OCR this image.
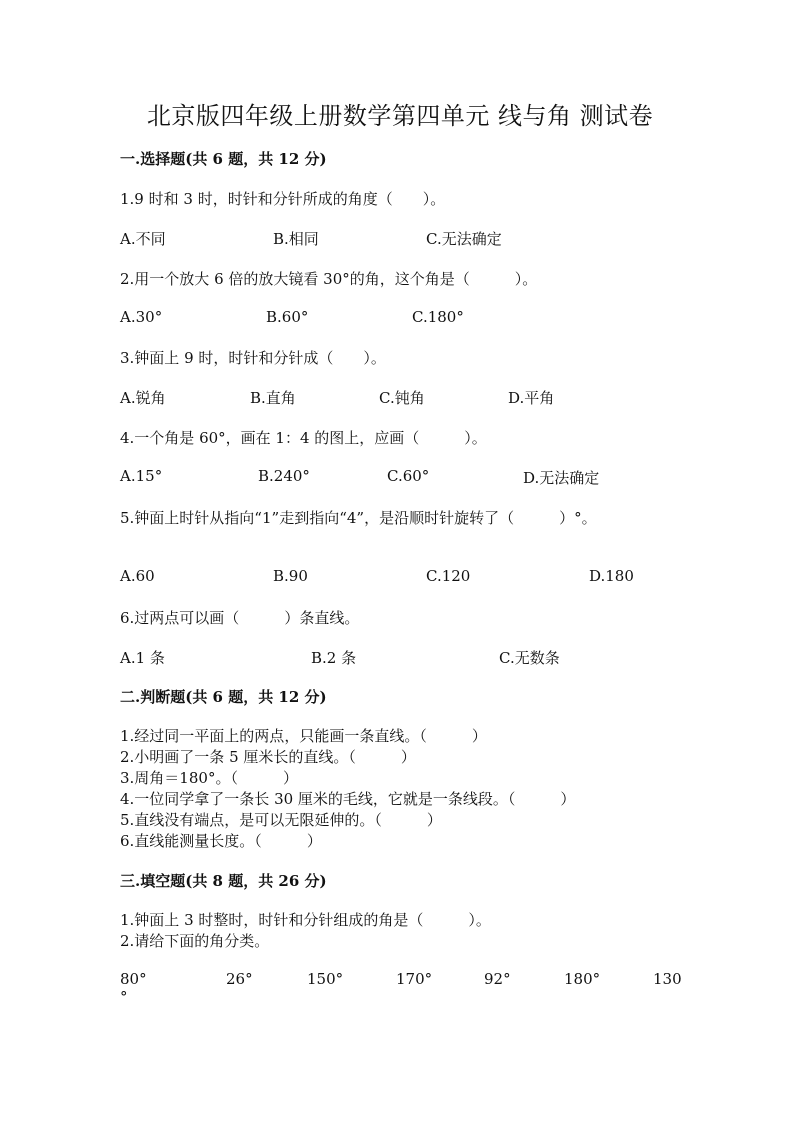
北京版四年级上册数学第四单元 线与角 测试卷
一.选择题(共 6 题，共 12 分)
1.9 时和 3 时，时针和分针所成的角度（　　）。
A.不同	B.相同	C.无法确定
2.用一个放大 6 倍的放大镜看 30°的角，这个角是（　　　）。
A.30°	B.60°	C.180°
3.钟面上 9 时，时针和分针成（　　）。
A.锐角	B.直角	C.钝角	D.平角
4.一个角是 60°，画在 1：4 的图上，应画（　　　）。
A.15°	B.240°	C.60°	D.无法确定
5.钟面上时针从指向“1”走到指向“4”，是沿顺时针旋转了（　　　）°。
A.60	B.90	C.120	D.180
6.过两点可以画（　　　）条直线。
A.1 条	B.2 条	C.无数条
二.判断题(共 6 题，共 12 分)
1.经过同一平面上的两点，只能画一条直线。（　　　）
2.小明画了一条 5 厘米长的直线。（　　　）
3.周角＝180°。（　　　）
4.一位同学拿了一条长 30 厘米的毛线，它就是一条线段。（　　　）
5.直线没有端点，是可以无限延伸的。（　　　）
6.直线能测量长度。（　　　）
三.填空题(共 8 题，共 26 分)
1.钟面上 3 时整时，时针和分针组成的角是（　　　）。
2.请给下面的角分类。
80°	26°	150°	170°	92°	180°	130
°
